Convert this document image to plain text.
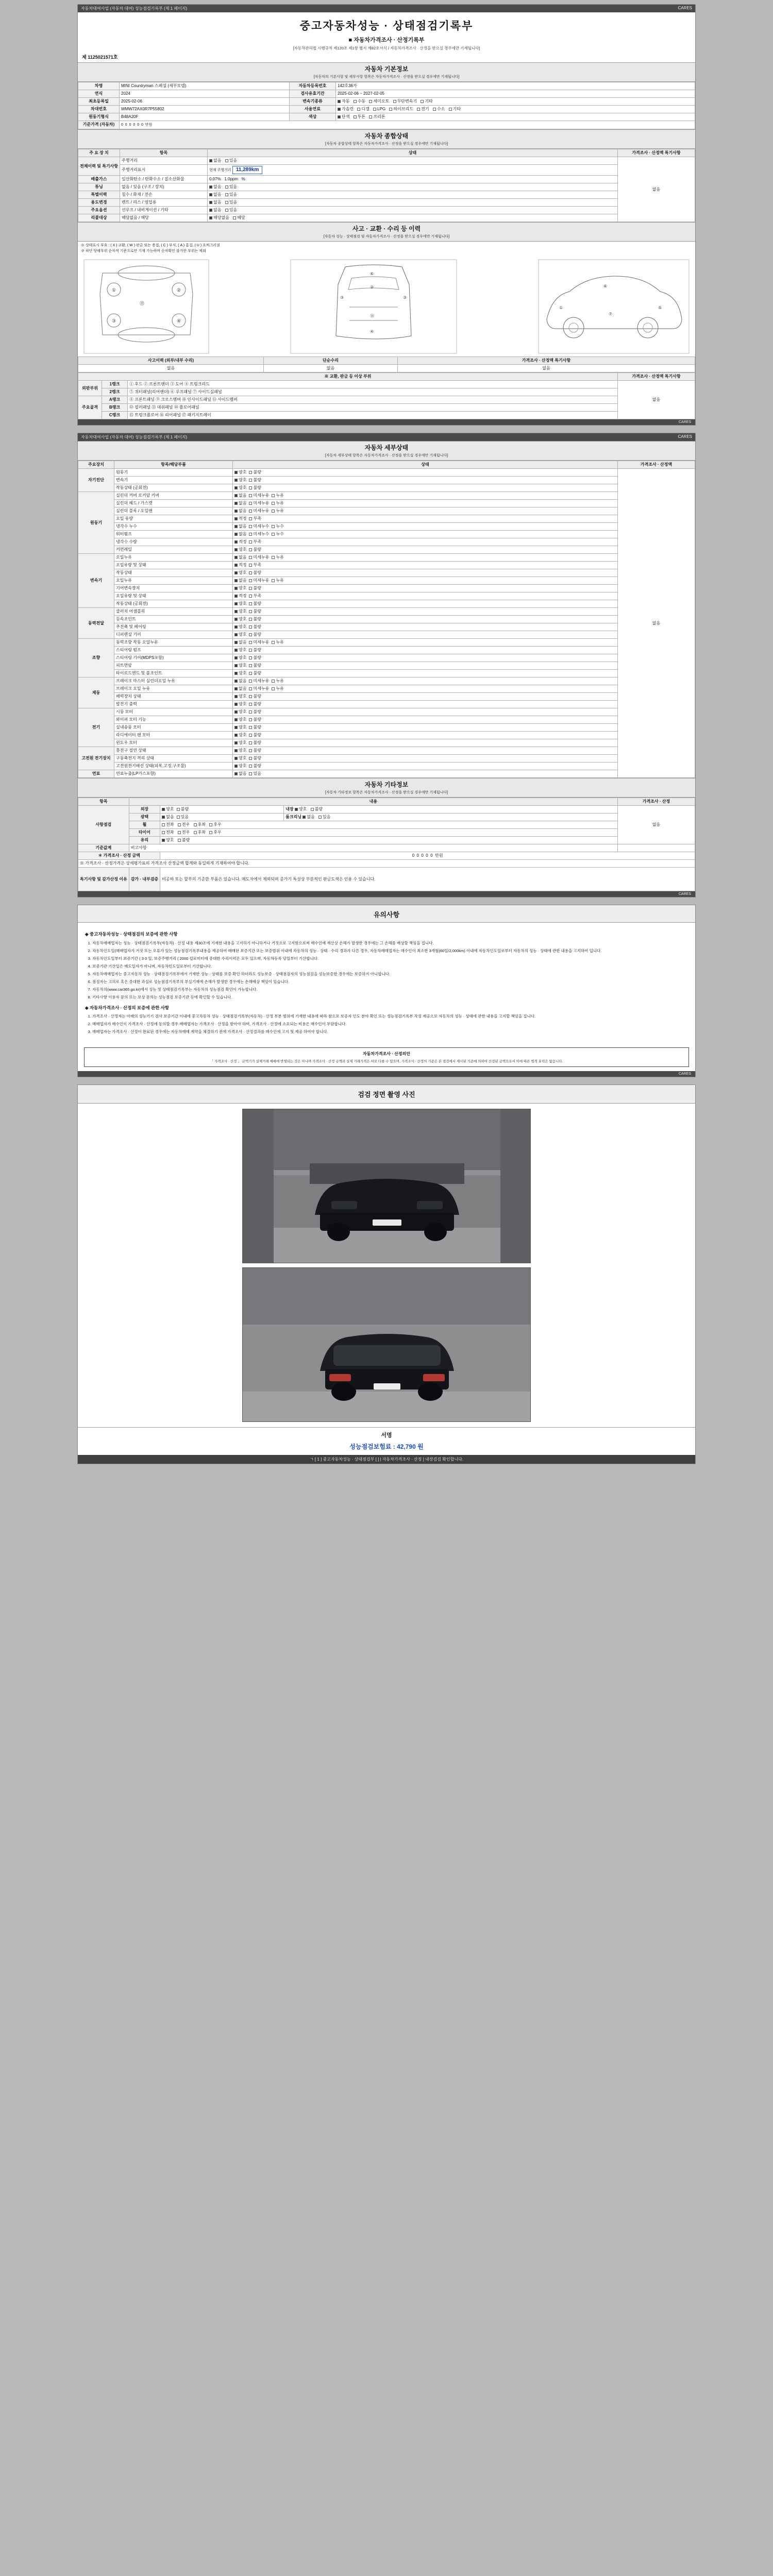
자동차대여사업 (자동차 대여) 성능점검기록부 (제 1 페이지)	CARES
중고자동차성능 · 상태점검기록부
■ 자동차가격조사 · 산정기록부
[자동차관리법 시행규칙 제120조 제1항 별지 제82호서식 / 자동차가격조사 · 산정을 받으실 경우에만 기재됩니다]
제 1125021571호
자동차 기본정보
[자동차의 기본사항 및 세부사항 항목은 자동차가격조사 · 산정을 받으실 경우에만 기재됩니다]
차명	MINI Countryman 스페셜 (세부모델)	자동차등록번호	142호36가
연식	2024	검사유효기간	2025-02-06 ~ 2027-02-05
최초등록일	2025-02-06	변속기종류	자동 수동 세미오토 무단변속기 기타
차대번호	WMW72AX0R7P55802	사용연료	가솔린 디젤 LPG 하이브리드 전기 수소 기타
원동기형식	B48A20F	색상	단색 투톤 쓰리톤
기준가격 (자동차)	0 0 0 0 0 0 만원		
자동차 종합상태
[자동차 종합상태 항목은 자동차가격조사 · 산정을 받으실 경우에만 기재됩니다]
주 요 장 치	항목	상태	가격조사 · 산정액 특기사항
전체이력 및 특기사항	주행거리	없음 있음	없음
	주행거리표시	현재 주행거리 11,289km	
배출가스	일산화탄소 / 탄화수소 / 질소산화물	0.07% 1.0ppm %	
튜닝	없음 / 있음 (구조 / 장치)	없음 있음	
특별이력	침수 / 화재 / 전손	없음 있음	
용도변경	렌트 / 리스 / 영업용	없음 있음	
주요옵션	선루프 / 내비게이션 / 기타	없음 있음	
리콜대상	해당없음 / 해당	해당없음 해당	
사고 · 교환 · 수리 등 이력
[자동차 성능 · 상태점검 및 자동차가격조사 · 산정을 받으실 경우에만 기재됩니다]
※ 상태표시 부호 : ( X ) 교환, ( W ) 판금 또는 용접, ( C ) 부식, ( A ) 흠집, ( U ) 요찌그러짐
※ 하단 당해부위 순차적 기준으로만 기재 가능하며 순차확인 불가한 부위는 제외
①	②
③	④
⑬
⑥
②
⑭
④
③	③
⑥
①	⑤
⑦
사고이력 (외부/내부 수리)	단순수리	가격조사 · 산정액 특기사항
없음	없음	없음
※ 교환, 판금 등 이상 부위			가격조사 · 산정액 특기사항
외판부위	1랭크	① 후드 ② 프론트팬더 ③ 도어 ④ 트렁크리드	없음
	2랭크	⑤ 쿼터패널(리어팬더) ⑥ 루프패널 ⑦ 사이드실패널	
주요골격	A랭크	⑧ 프론트패널 ⑨ 크로스멤버 ⑩ 인사이드패널 ⑪ 사이드멤버	
	B랭크	⑫ 필러패널 ⑬ 대쉬패널 ⑭ 플로어패널	
	C랭크	⑮ 트렁크플로어 ⑯ 리어패널 ⑰ 패키지트레이	
CARES
자동차대여사업 (자동차 대여) 성능점검기록부 (제 1 페이지)	CARES
자동차 세부상태
[자동차 세부상태 항목은 자동차가격조사 · 산정을 받으실 경우에만 기재됩니다]
주요장치	항목/해당부품	상태	가격조사 · 산정액
자기진단	원동기	양호 불량	없음
	변속기	양호 불량	
	작동상태 (공회전)	양호 불량	
원동기	실린더 커버 로커암 커버	없음 미세누유 누유	
	실린더 헤드 / 가스켓	없음 미세누유 누유	
	실린더 블록 / 오일팬	없음 미세누유 누유	
	오일 유량	적정 부족	
	냉각수 누수	없음 미세누수 누수	
	워터펌프	없음 미세누수 누수	
	냉각수 수량	적정 부족	
	커먼레일	양호 불량	
변속기	오일누유	없음 미세누유 누유	
	오일유량 및 상태	적정 부족	
	작동상태	양호 불량	
	오일누유	없음 미세누유 누유	
	기어변속장치	양호 불량	
	오일유량 및 상태	적정 부족	
	작동상태 (공회전)	양호 불량	
동력전달	클러치 어셈블리	양호 불량	
	등속조인트	양호 불량	
	추진축 및 베어링	양호 불량	
	디퍼렌셜 기어	양호 불량	
조향	동력조향 작동 오일누유	없음 미세누유 누유	
	스티어링 펌프	양호 불량	
	스티어링 기어(MDPS포함)	양호 불량	
	피트먼암	양호 불량	
	타이로드엔드 및 볼조인트	양호 불량	
제동	브레이크 마스터 실린더오일 누유	없음 미세누유 누유	
	브레이크 오일 누유	없음 미세누유 누유	
	배력장치 상태	양호 불량	
	발전기 출력	양호 불량	
전기	시동 모터	양호 불량	
	와이퍼 모터 기능	양호 불량	
	실내송풍 모터	양호 불량	
	라디에이터 팬 모터	양호 불량	
	윈도우 모터	양호 불량	
고전원 전기장치	충전구 절연 상태	양호 불량	
	구동축전지 격리 상태	양호 불량	
	고전원전기배선 상태(피복,고정,구조물)	양호 불량	
연료	연료누출(LP가스포함)	없음 있음	
자동차 기타정보
[자동차 기타정보 항목은 자동차가격조사 · 산정을 받으실 경우에만 기재됩니다]
항목	내용			가격조사 · 산정
사항점검	외장	양호 불량	내장 양호 불량	없음
	광택	없음 있음	룸크리닝 없음 있음	
	휠	전좌 전우 후좌 후우		
	타이어	전좌 전우 후좌 후우		
	유리	양호 불량		
기준값계	비고사항			
＊ 가격조사 · 산정 금액		0 0 0 0 0 만원		
※ 가격조사 · 산정가격은 상세평가표의 가격조사 산정금액 합계와 동일하게 기재하여야 합니다.				
특기사항 및 감가산정 이유	감가 · 내부검증	비공하 또는 할부의 기준한 부품은 있습니다. 매도자에서 제외되며 증가기 특성상 부분적인 판금도색은 인용 수 있습니다.		
CARES
유의사항
◈ 중고자동차성능 · 상태점검의 보증에 관한 사항
1. 자동차매매업자는 성능 · 상태점검기록부(자동차) · 산정 내용 제30조에 기재한 내용을 고지하기 아니하거나 거짓으로 고지함으로써 매수인에 재산상 손해가 발생한 경우에는 그 손해를 배상할 책임을 집니다.
2. 자동차인도일(매매업자가 거짓 또는 오류가 있는 성능점검기록부내용을 제공하여 매매된 보증기간 또는 보증범위 이내에 자동차의 성능 · 상태 · 수리 경과가 다른 경우, 자동차매매업자는 매수인이 최소한 3개월(60일/2,000km) 이내에 자동차인도일로부터 자동차의 성능 · 상태에 관한 내용을 고지하여 입니다.
3. 자동차인도일부터 보증기간 ( 3 0 일, 보증주행거리 ( 2000 킬로미터에 중대한 수리이력은 모두 있으며, 자동차등록 당일부터 기산합니다.
4. 보증기관 기산일은 매도일자가 아니며, 자동차인도일로부터 기산합니다.
5. 자동차매매업자는 중고자동차 성능 · 상태점검기록부에서 기재한 성능 · 상태를 보증 확인 하더라도 성능보증 · 상태점검자의 성능점검을 성능보증한 경우에는 보증하지 아니합니다.
6. 점검자는 고의로 혹은 중대한 과실로 성능점검기록부의 부실기재에 손해가 발생한 경우에는 손해배상 책임이 있습니다.
7. 자동차의(www.car365.go.kr)에서 성능 및 상태점검기록부는 자동차의 성능점검 확인이 가능합니다.
8. 기타사항 이용자 문의 또는 보상 문의는 성능점검 보증기관 등에 확인할 수 있습니다.
◈ 자동차가격조사 · 산정의 보증에 관한 사항
1. 가격조사 · 산정자는 아래의 성능기기 검사 보증기간 이내에 중고차동차 성능 · 상태점검기록부(자동차) · 산정 부분 범위에 기재한 내용에 따라 참으로 보증자 인도 분야 확인 또는 성능점검기록부 작성 제공으로 자동차의 성능 · 상태에 관한 내용을 고지할 책임을 집니다.
2. 매매업자가 매수인이 가격조사 · 산정에 동의할 경우 매매업자는 가격조사 · 산정을 받아야 하며, 가격조사 · 산정에 소요되는 비용은 매수인이 부담합니다.
3. 매매업자는 가격조사 · 산정이 완료된 경우에는 자동차매매 계약을 체결하기 전에 가격조사 · 산정결과를 매수인에 고지 및 제공 하여야 합니다.
자동차가격조사 · 산정의안
「 가격조사 · 산정 」 금액기가 실제거래 매매에 반영되는 것은 아니며 가격조사 · 산정 금액과 실제 거래가격은 서로 다를 수 있으며, 가격조사 · 산정의 기준은 본 점검에서 제시된 기준에 의하여 산정된 금액으로서 이에 따른 법적 효력은 없습니다.
CARES
검검 정면 촬영 사진
서명
성능점검보험료 : 42,790 원
ㄱ [ 1 ] 중고자동차성능 · 상태점검부 [ ] | 자동차가격조사 · 산정 ] 내장검검 확인합니다.
